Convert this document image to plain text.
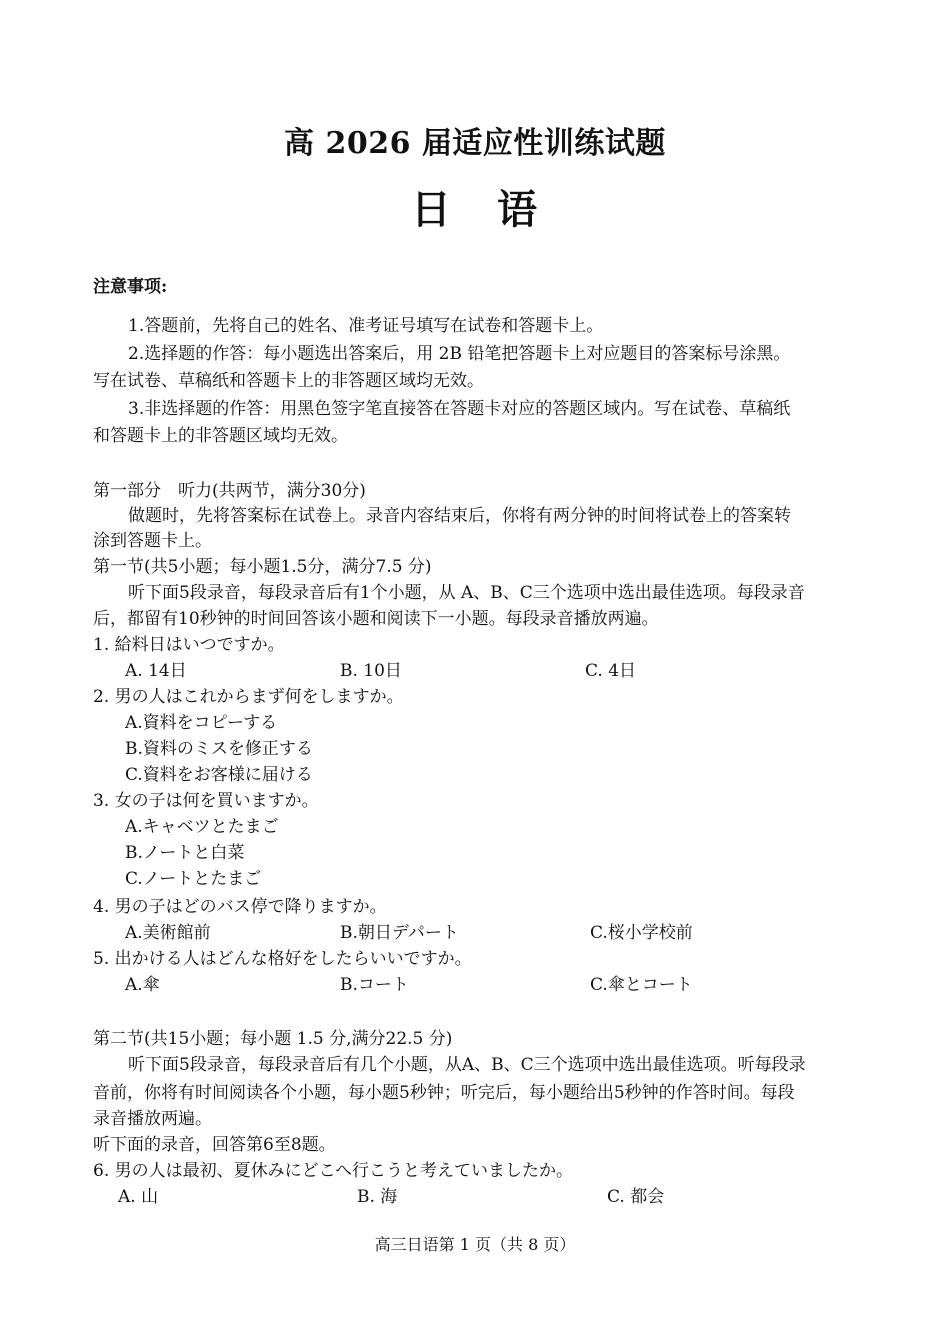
高 2026 届适应性训练试题
日 语

注意事项:

1.答题前，先将自己的姓名、准考证号填写在试卷和答题卡上。

2.选择题的作答：每小题选出答案后，用 2B 铅笔把答题卡上对应题目的答案标号涂黑。

写在试卷、草稿纸和答题卡上的非答题区域均无效。

3.非选择题的作答：用黑色签字笔直接答在答题卡对应的答题区域内。写在试卷、草稿纸

和答题卡上的非答题区域均无效。

第一部分　听力(共两节，满分30分)

做题时，先将答案标在试卷上。录音内容结束后，你将有两分钟的时间将试卷上的答案转

涂到答题卡上。

第一节(共5小题；每小题1.5分，满分7.5 分)

听下面5段录音，每段录音后有1个小题，从 A、B、C三个选项中选出最佳选项。每段录音

后，都留有10秒钟的时间回答该小题和阅读下一小题。每段录音播放两遍。

1. 給料日はいつですか。

A. 14日	B. 10日	C. 4日

2. 男の人はこれからまず何をしますか。

A.資料をコピーする

B.資料のミスを修正する

C.資料をお客様に届ける

3. 女の子は何を買いますか。

A.キャベツとたまご

B.ノートと白菜

C.ノートとたまご

4. 男の子はどのバス停で降りますか。

A.美術館前	B.朝日デパート	C.桜小学校前

5. 出かける人はどんな格好をしたらいいですか。

A.傘	B.コート	C.傘とコート

第二节(共15小题；每小题 1.5 分,满分22.5 分)

听下面5段录音，每段录音后有几个小题，从A、B、C三个选项中选出最佳选项。听每段录

音前，你将有时间阅读各个小题，每小题5秒钟；听完后，每小题给出5秒钟的作答时间。每段

录音播放两遍。

听下面的录音，回答第6至8题。

6. 男の人は最初、夏休みにどこへ行こうと考えていましたか。

A. 山	B. 海	C. 都会

高三日语第 1 页（共 8 页）
